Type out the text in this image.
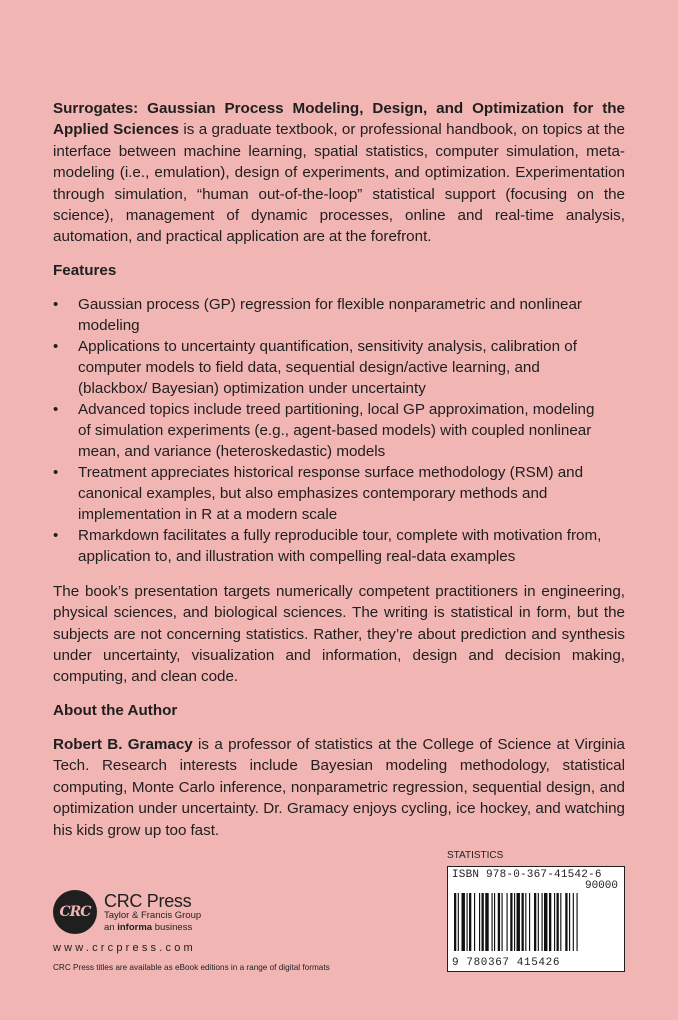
Surrogates: Gaussian Process Modeling, Design, and Optimization for the Applied Sciences is a graduate textbook, or professional handbook, on topics at the interface between machine learning, spatial statistics, computer simulation, meta-modeling (i.e., emulation), design of experiments, and optimization. Experimentation through simulation, “human out-of-the-loop” statistical support (focusing on the science), management of dynamic processes, online and real-time analysis, automation, and practical application are at the forefront.

Features
• Gaussian process (GP) regression for flexible nonparametric and nonlinear modeling
• Applications to uncertainty quantification, sensitivity analysis, calibration of computer models to field data, sequential design/active learning, and (blackbox/ Bayesian) optimization under uncertainty
• Advanced topics include treed partitioning, local GP approximation, modeling of simulation experiments (e.g., agent-based models) with coupled nonlinear mean, and variance (heteroskedastic) models
• Treatment appreciates historical response surface methodology (RSM) and canonical examples, but also emphasizes contemporary methods and implementation in R at a modern scale
• Rmarkdown facilitates a fully reproducible tour, complete with motivation from, application to, and illustration with compelling real-data examples

The book’s presentation targets numerically competent practitioners in engineering, physical sciences, and biological sciences. The writing is statistical in form, but the subjects are not concerning statistics. Rather, they’re about prediction and synthesis under uncertainty, visualization and information, design and decision making, computing, and clean code.

About the Author

Robert B. Gramacy is a professor of statistics at the College of Science at Virginia Tech. Research interests include Bayesian modeling methodology, statistical computing, Monte Carlo inference, nonparametric regression, sequential design, and optimization under uncertainty. Dr. Gramacy enjoys cycling, ice hockey, and watching his kids grow up too fast.

CRC
CRC Press
Taylor & Francis Group
an informa business
www.crcpress.com
CRC Press titles are available as eBook editions in a range of digital formats
STATISTICS
ISBN 978-0-367-41542-6
90000
9 780367 415426
